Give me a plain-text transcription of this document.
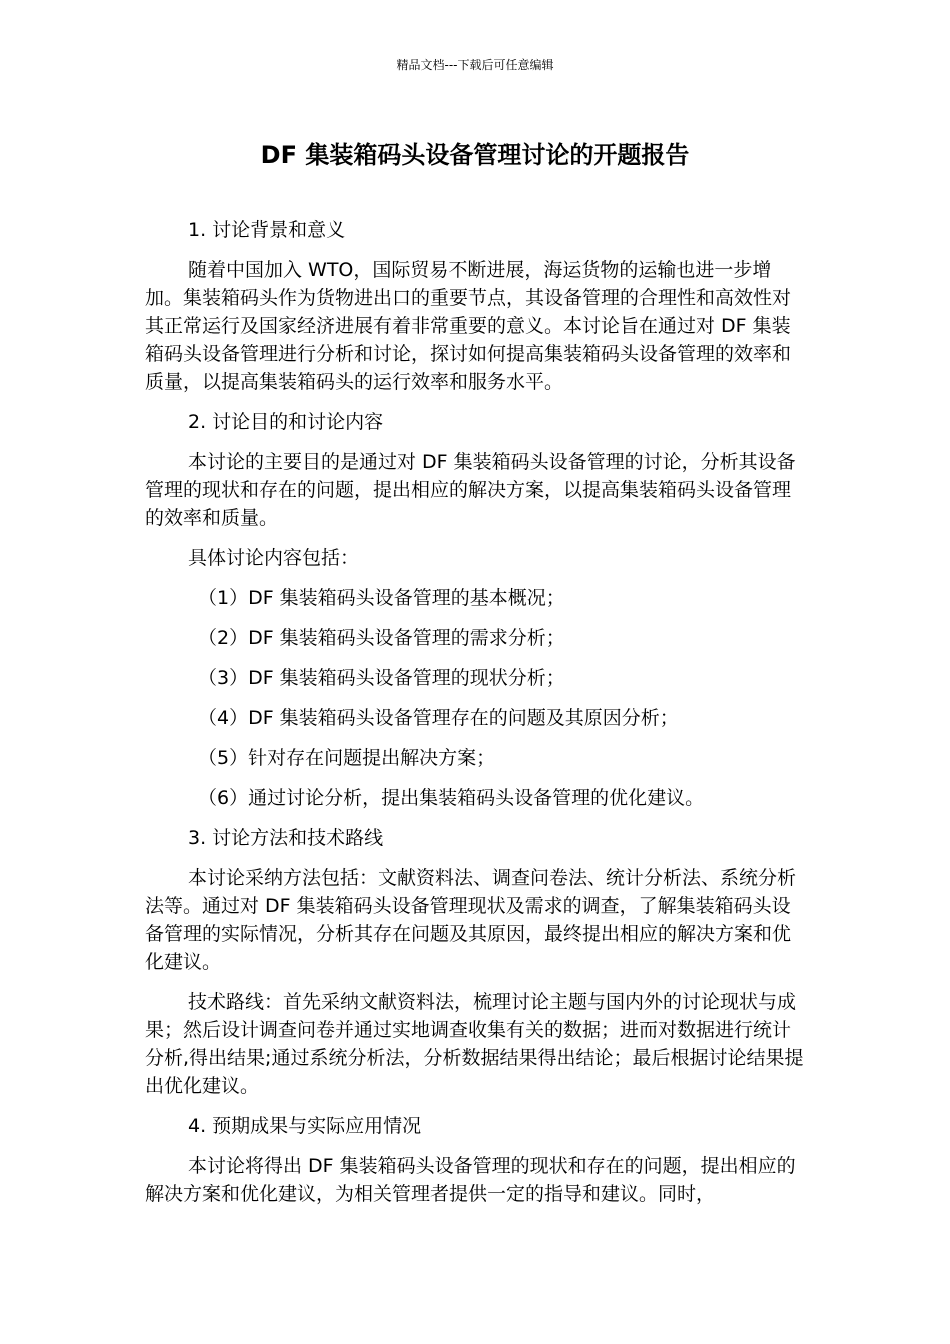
精品文档---下载后可任意编辑
DF 集装箱码头设备管理讨论的开题报告

1. 讨论背景和意义

随着中国加入 WTO，国际贸易不断进展，海运货物的运输也进一步增加。集装箱码头作为货物进出口的重要节点，其设备管理的合理性和高效性对其正常运行及国家经济进展有着非常重要的意义。本讨论旨在通过对 DF 集装箱码头设备管理进行分析和讨论，探讨如何提高集装箱码头设备管理的效率和质量，以提高集装箱码头的运行效率和服务水平。

2. 讨论目的和讨论内容

本讨论的主要目的是通过对 DF 集装箱码头设备管理的讨论，分析其设备管理的现状和存在的问题，提出相应的解决方案，以提高集装箱码头设备管理的效率和质量。

具体讨论内容包括：

（1）DF 集装箱码头设备管理的基本概况；

（2）DF 集装箱码头设备管理的需求分析；

（3）DF 集装箱码头设备管理的现状分析；

（4）DF 集装箱码头设备管理存在的问题及其原因分析；

（5）针对存在问题提出解决方案；

（6）通过讨论分析，提出集装箱码头设备管理的优化建议。

3. 讨论方法和技术路线

本讨论采纳方法包括：文献资料法、调查问卷法、统计分析法、系统分析法等。通过对 DF 集装箱码头设备管理现状及需求的调查，了解集装箱码头设备管理的实际情况，分析其存在问题及其原因，最终提出相应的解决方案和优化建议。

技术路线：首先采纳文献资料法，梳理讨论主题与国内外的讨论现状与成果；然后设计调查问卷并通过实地调查收集有关的数据；进而对数据进行统计分析,得出结果;通过系统分析法，分析数据结果得出结论；最后根据讨论结果提出优化建议。

4. 预期成果与实际应用情况

本讨论将得出 DF 集装箱码头设备管理的现状和存在的问题，提出相应的解决方案和优化建议，为相关管理者提供一定的指导和建议。同时，
